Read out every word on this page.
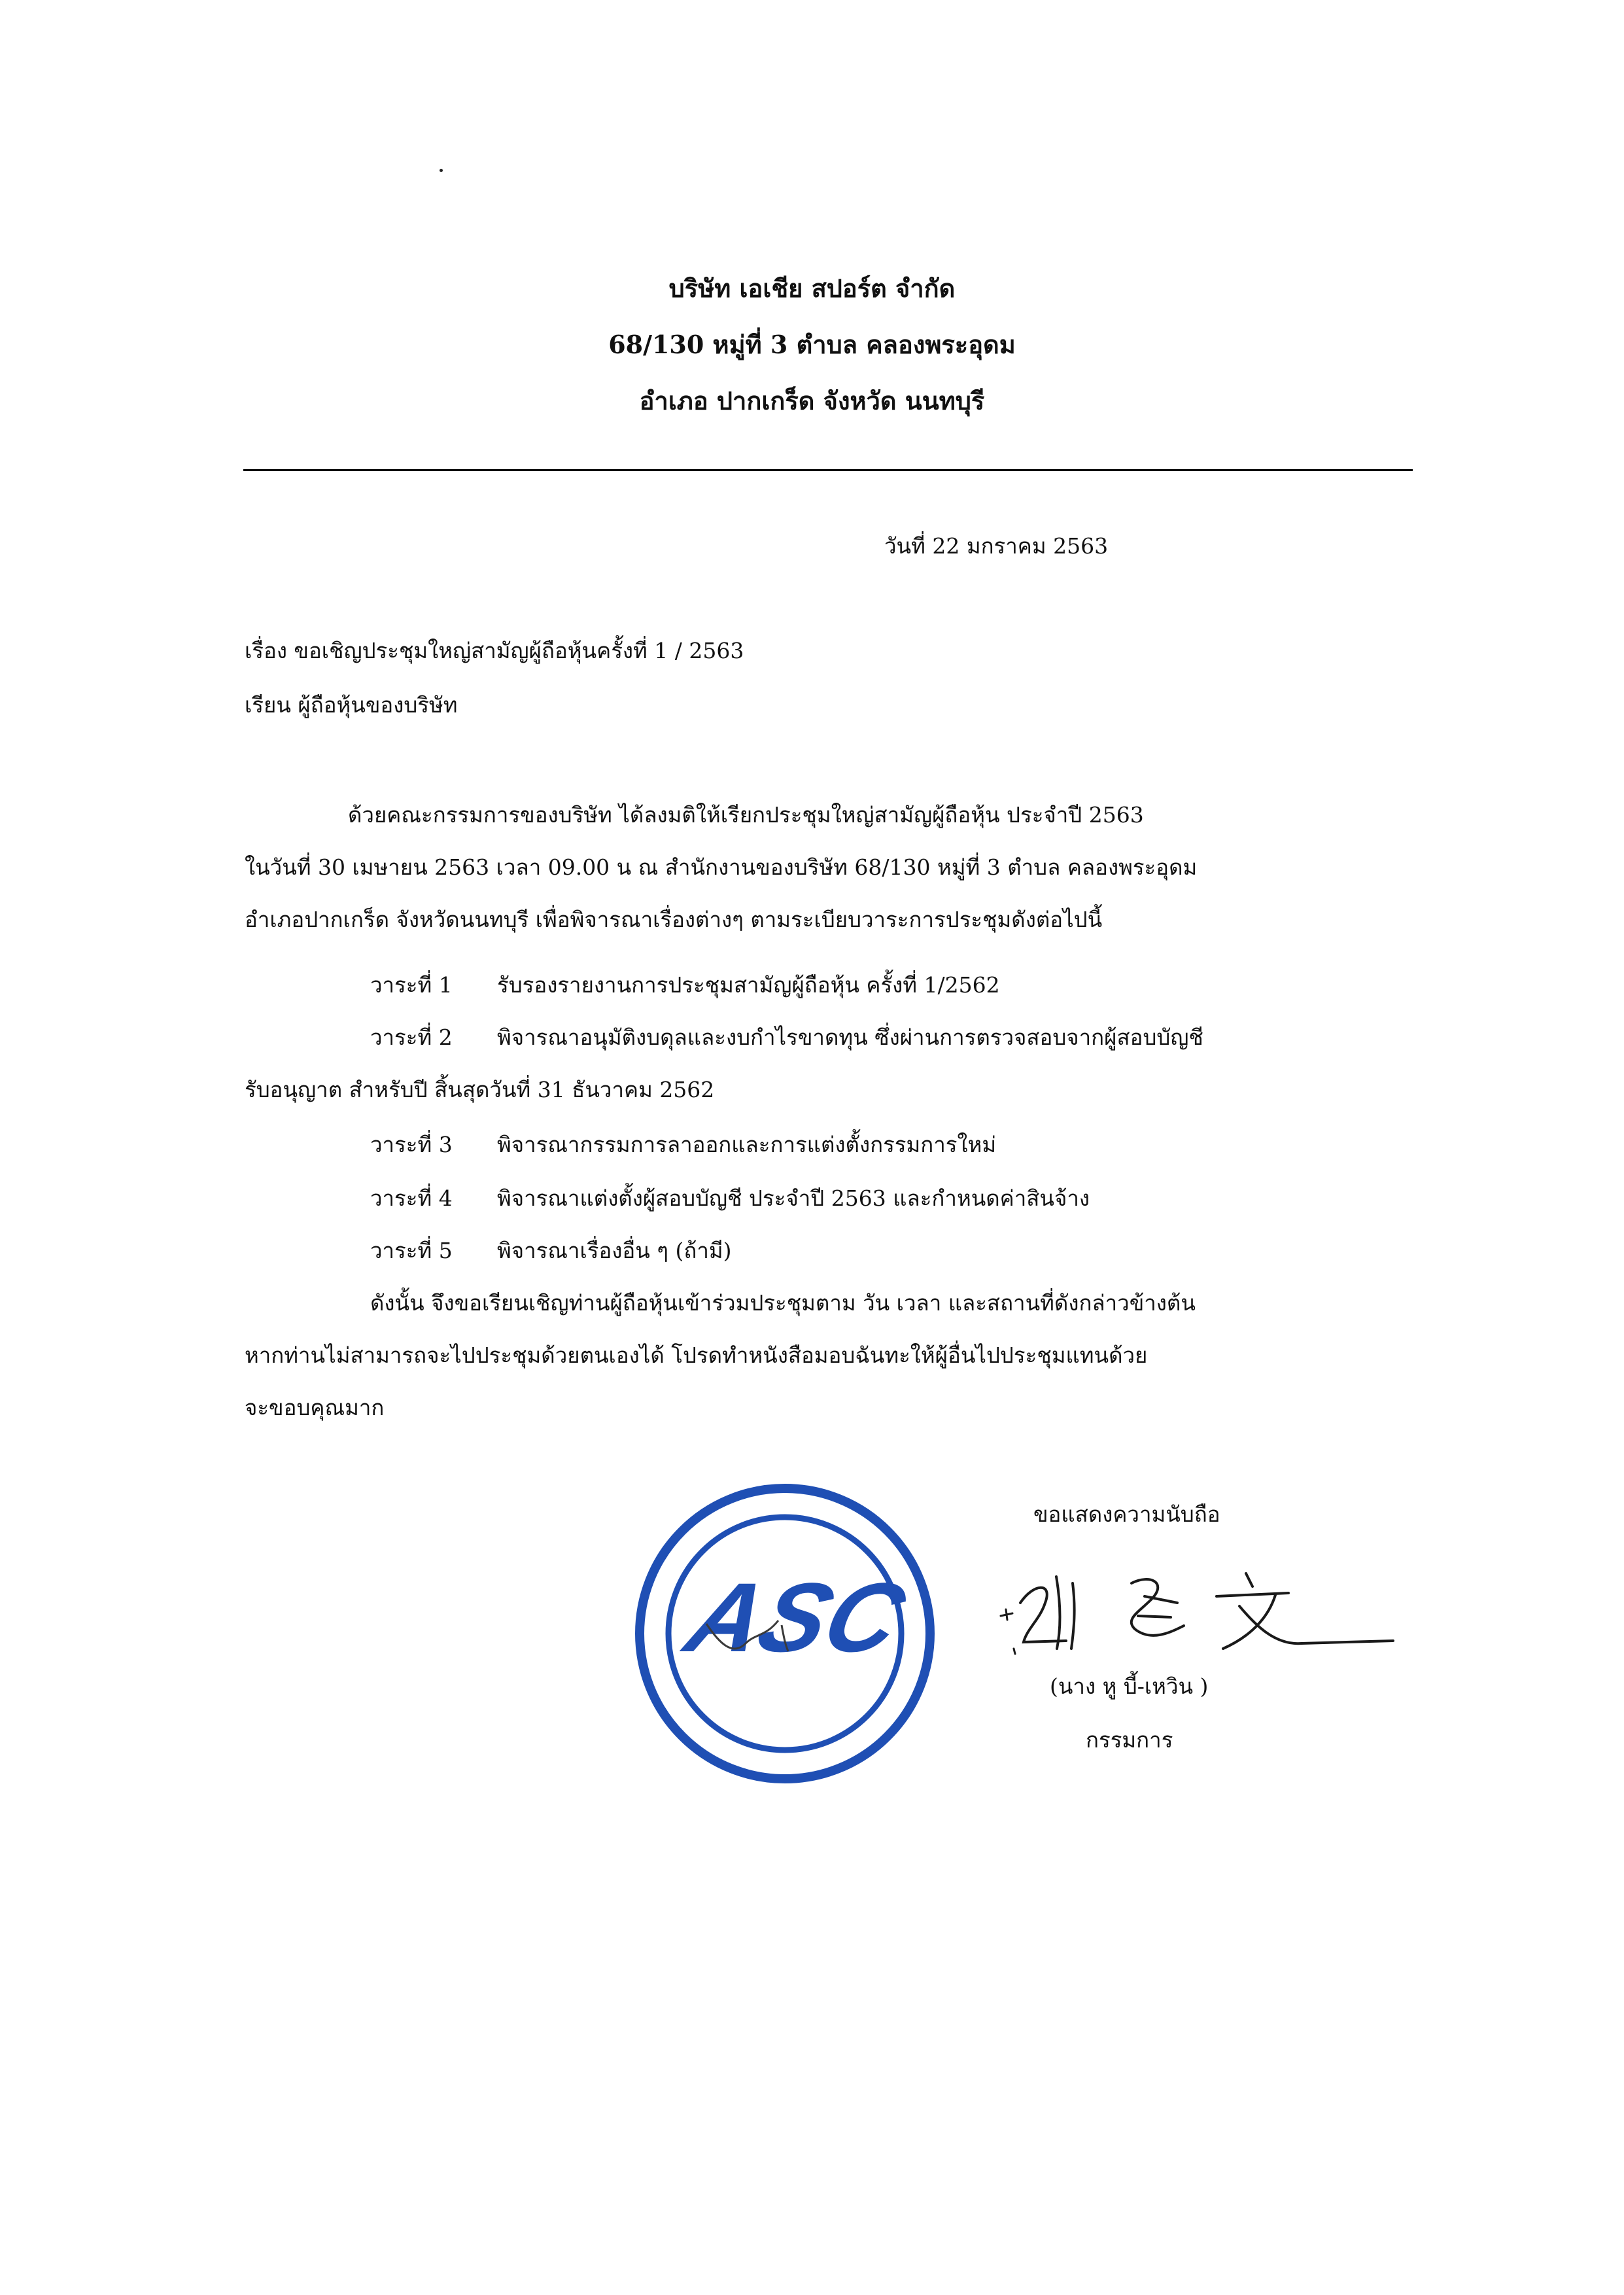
บริษัท เอเชีย สปอร์ต จำกัด
68/130 หมู่ที่ 3 ตำบล คลองพระอุดม
อำเภอ ปากเกร็ด จังหวัด นนทบุรี
วันที่ 22 มกราคม 2563
เรื่อง ขอเชิญประชุมใหญ่สามัญผู้ถือหุ้นครั้งที่ 1 / 2563
เรียน ผู้ถือหุ้นของบริษัท
ด้วยคณะกรรมการของบริษัท ได้ลงมติให้เรียกประชุมใหญ่สามัญผู้ถือหุ้น ประจำปี 2563
ในวันที่ 30 เมษายน 2563 เวลา 09.00 น ณ สำนักงานของบริษัท 68/130 หมู่ที่ 3 ตำบล คลองพระอุดม
อำเภอปากเกร็ด จังหวัดนนทบุรี เพื่อพิจารณาเรื่องต่างๆ ตามระเบียบวาระการประชุมดังต่อไปนี้
วาระที่ 1 รับรองรายงานการประชุมสามัญผู้ถือหุ้น ครั้งที่ 1/2562
วาระที่ 2 พิจารณาอนุมัติงบดุลและงบกำไรขาดทุน ซึ่งผ่านการตรวจสอบจากผู้สอบบัญชี
รับอนุญาต สำหรับปี สิ้นสุดวันที่ 31 ธันวาคม 2562
วาระที่ 3 พิจารณากรรมการลาออกและการแต่งตั้งกรรมการใหม่
วาระที่ 4 พิจารณาแต่งตั้งผู้สอบบัญชี ประจำปี 2563 และกำหนดค่าสินจ้าง
วาระที่ 5 พิจารณาเรื่องอื่น ๆ (ถ้ามี)
ดังนั้น จึงขอเรียนเชิญท่านผู้ถือหุ้นเข้าร่วมประชุมตาม วัน เวลา และสถานที่ดังกล่าวข้างต้น
หากท่านไม่สามารถจะไปประชุมด้วยตนเองได้ โปรดทำหนังสือมอบฉันทะให้ผู้อื่นไปประชุมแทนด้วย
จะขอบคุณมาก
ขอแสดงความนับถือ
ASC
(นาง หู บี้-เหวิน )
กรรมการ
